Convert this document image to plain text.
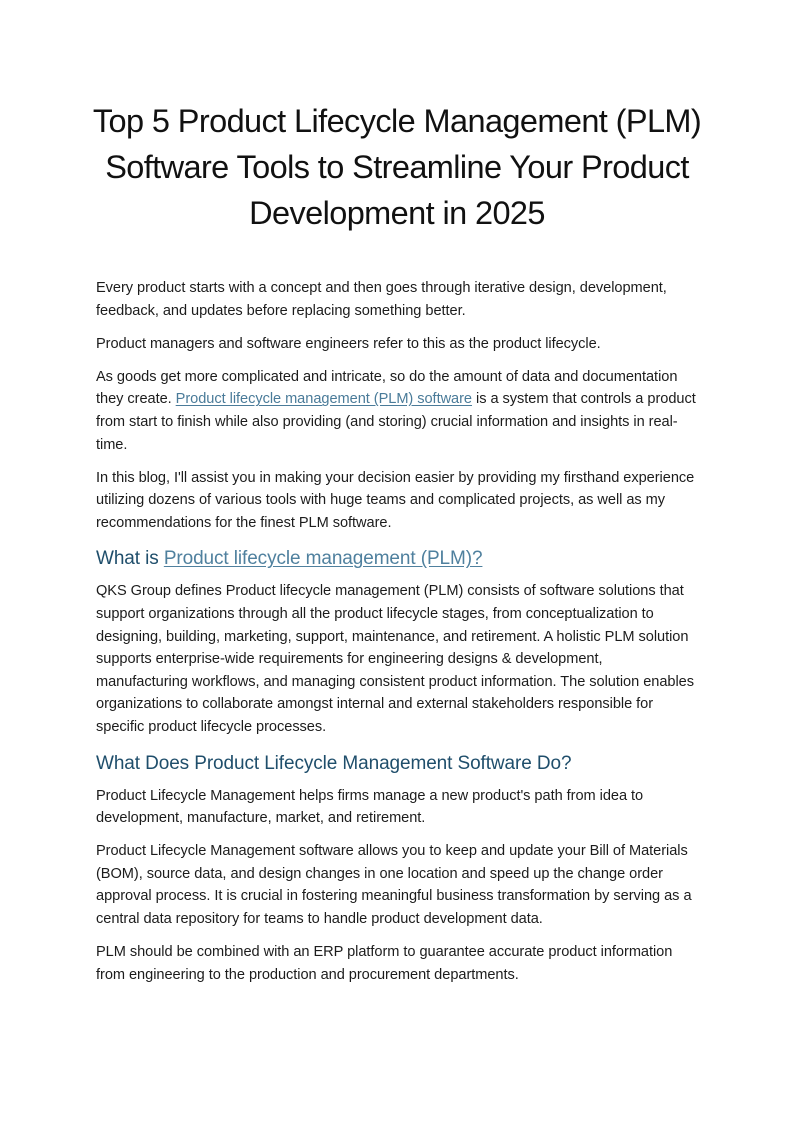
Top 5 Product Lifecycle Management (PLM) Software Tools to Streamline Your Product Development in 2025

Every product starts with a concept and then goes through iterative design, development, feedback, and updates before replacing something better.

Product managers and software engineers refer to this as the product lifecycle.

As goods get more complicated and intricate, so do the amount of data and documentation they create. Product lifecycle management (PLM) software is a system that controls a product from start to finish while also providing (and storing) crucial information and insights in real-time.

In this blog, I'll assist you in making your decision easier by providing my firsthand experience utilizing dozens of various tools with huge teams and complicated projects, as well as my recommendations for the finest PLM software.

What is Product lifecycle management (PLM)?

QKS Group defines Product lifecycle management (PLM) consists of software solutions that support organizations through all the product lifecycle stages, from conceptualization to designing, building, marketing, support, maintenance, and retirement. A holistic PLM solution supports enterprise-wide requirements for engineering designs & development, manufacturing workflows, and managing consistent product information. The solution enables organizations to collaborate amongst internal and external stakeholders responsible for specific product lifecycle processes.

What Does Product Lifecycle Management Software Do?

Product Lifecycle Management helps firms manage a new product's path from idea to development, manufacture, market, and retirement.

Product Lifecycle Management software allows you to keep and update your Bill of Materials (BOM), source data, and design changes in one location and speed up the change order approval process. It is crucial in fostering meaningful business transformation by serving as a central data repository for teams to handle product development data.

PLM should be combined with an ERP platform to guarantee accurate product information from engineering to the production and procurement departments.
